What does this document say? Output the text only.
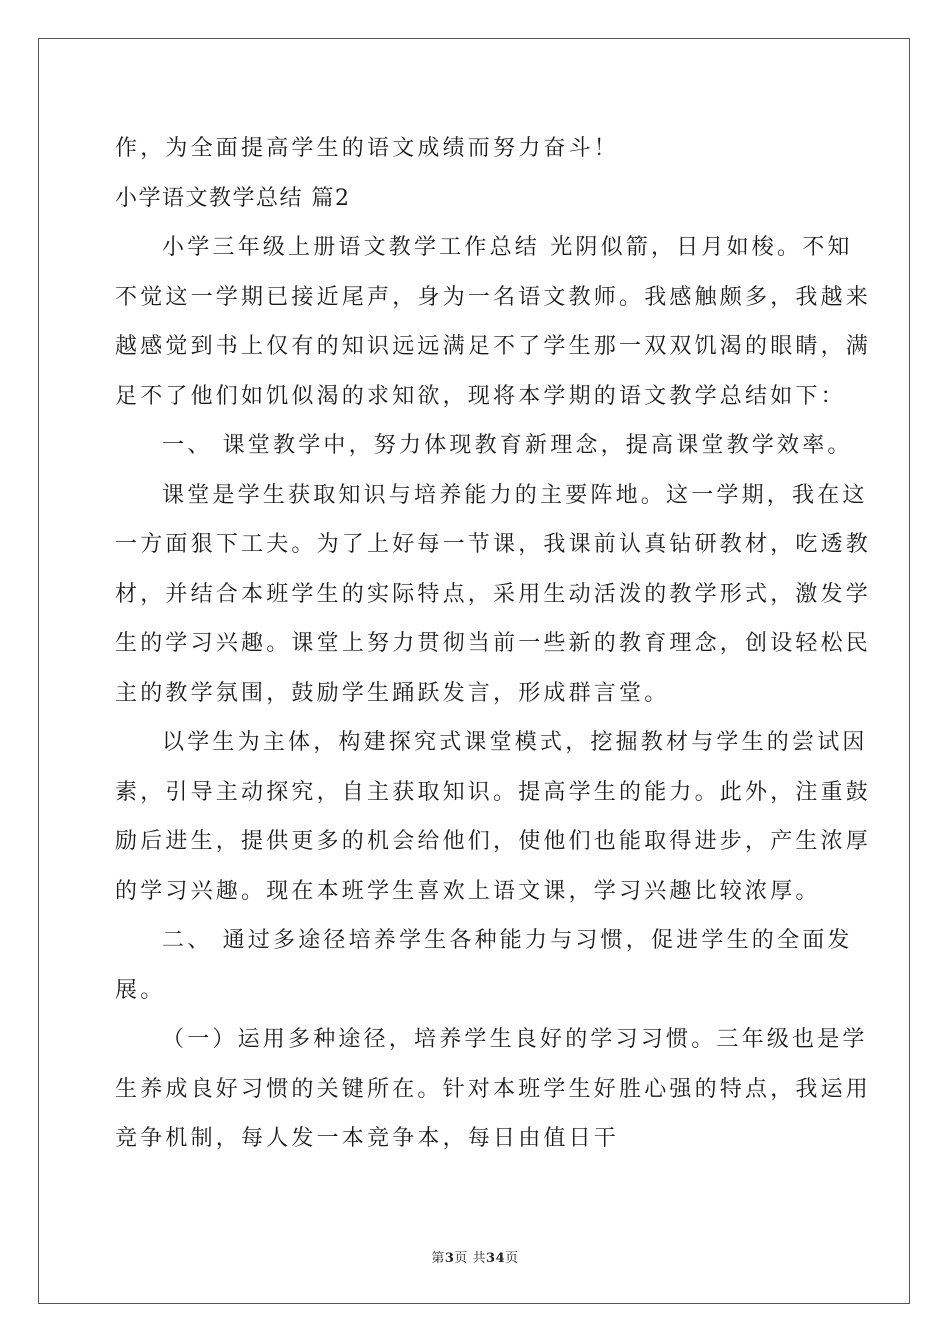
作，为全面提高学生的语文成绩而努力奋斗！
小学语文教学总结 篇2
小学三年级上册语文教学工作总结 光阴似箭，日月如梭。不知
不觉这一学期已接近尾声，身为一名语文教师。我感触颇多，我越来
越感觉到书上仅有的知识远远满足不了学生那一双双饥渴的眼睛，满
足不了他们如饥似渴的求知欲，现将本学期的语文教学总结如下：
一、 课堂教学中，努力体现教育新理念，提高课堂教学效率。
课堂是学生获取知识与培养能力的主要阵地。这一学期，我在这
一方面狠下工夫。为了上好每一节课，我课前认真钻研教材，吃透教
材，并结合本班学生的实际特点，采用生动活泼的教学形式，激发学
生的学习兴趣。课堂上努力贯彻当前一些新的教育理念，创设轻松民
主的教学氛围，鼓励学生踊跃发言，形成群言堂。
以学生为主体，构建探究式课堂模式，挖掘教材与学生的尝试因
素，引导主动探究，自主获取知识。提高学生的能力。此外，注重鼓
励后进生，提供更多的机会给他们，使他们也能取得进步，产生浓厚
的学习兴趣。现在本班学生喜欢上语文课，学习兴趣比较浓厚。
二、 通过多途径培养学生各种能力与习惯，促进学生的全面发
展。
（一）运用多种途径，培养学生良好的学习习惯。三年级也是学
生养成良好习惯的关键所在。针对本班学生好胜心强的特点，我运用
竞争机制，每人发一本竞争本，每日由值日干
第3页 共34页
